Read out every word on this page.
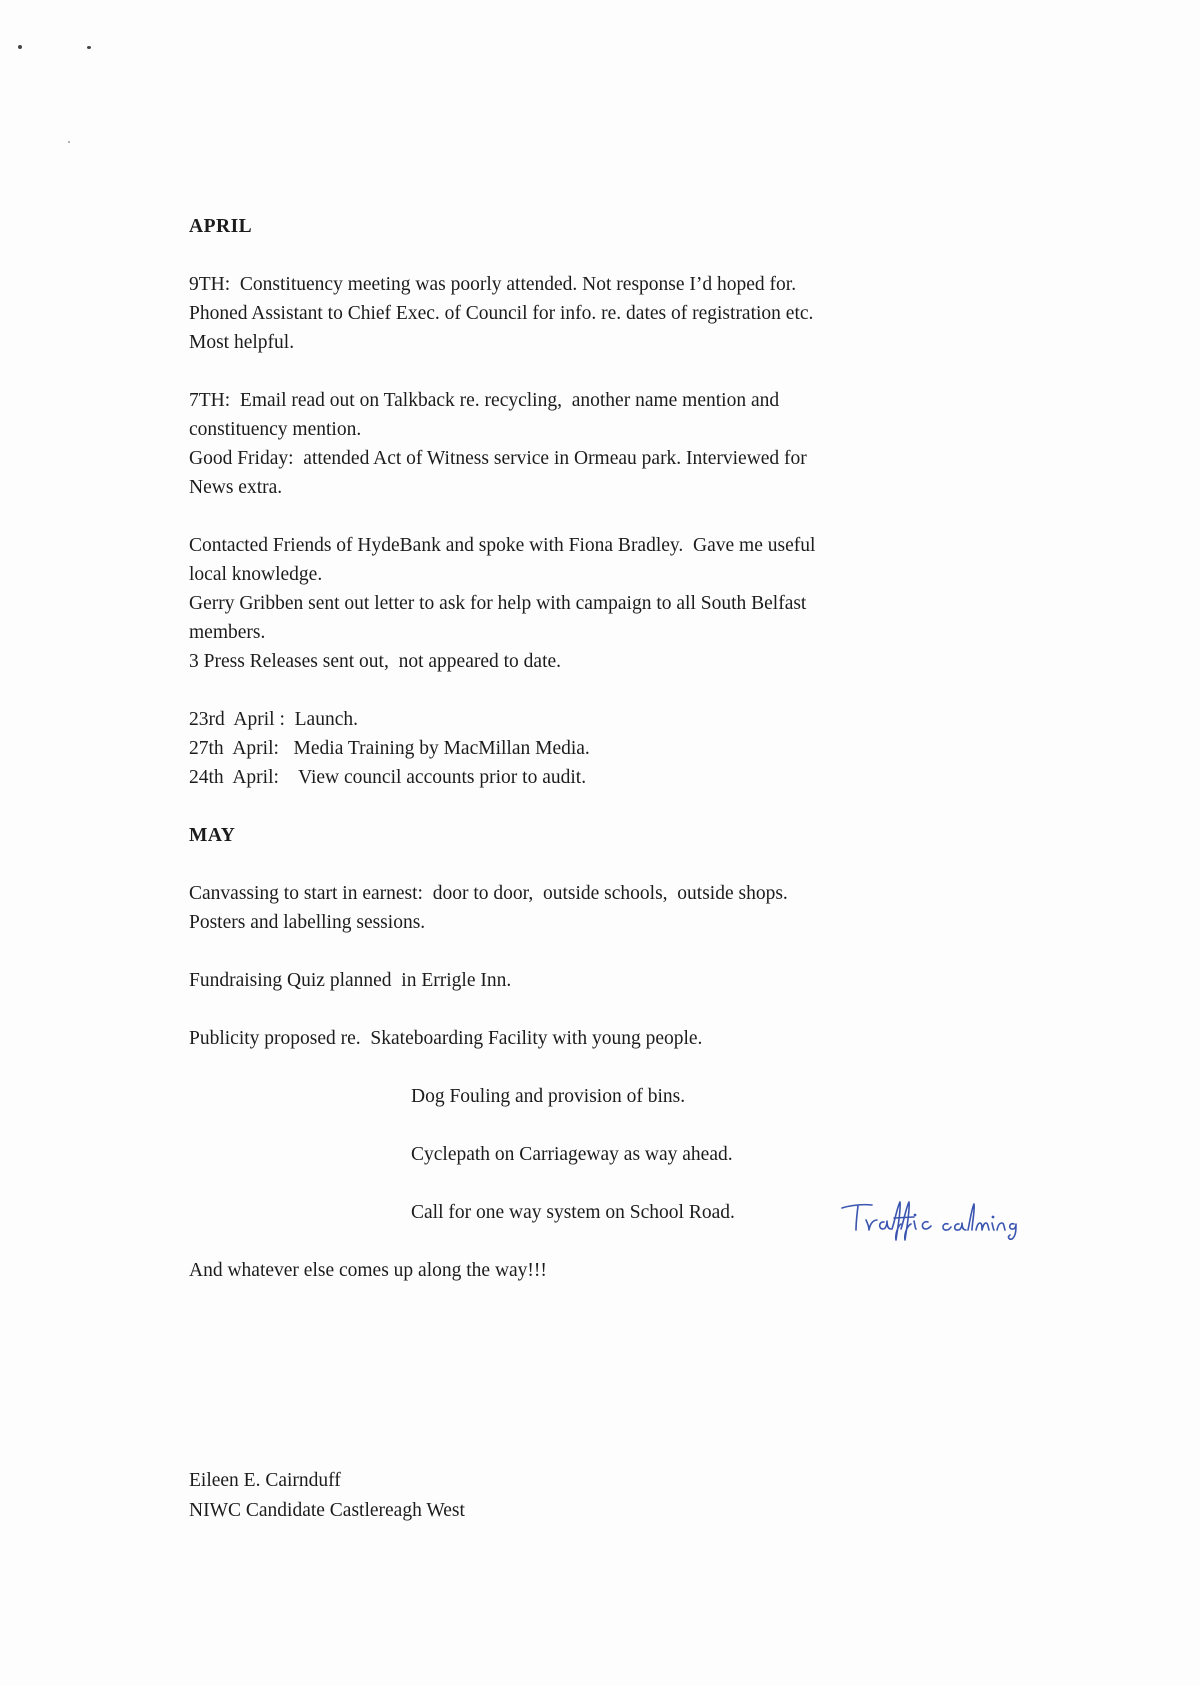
APRIL
9TH:  Constituency meeting was poorly attended. Not response I’d hoped for.
Phoned Assistant to Chief Exec. of Council for info. re. dates of registration etc.
Most helpful.
7TH:  Email read out on Talkback re. recycling,  another name mention and
constituency mention.
Good Friday:  attended Act of Witness service in Ormeau park. Interviewed for
News extra.
Contacted Friends of HydeBank and spoke with Fiona Bradley.  Gave me useful
local knowledge.
Gerry Gribben sent out letter to ask for help with campaign to all South Belfast
members.
3 Press Releases sent out,  not appeared to date.
23rd  April :  Launch.
27th  April:   Media Training by MacMillan Media.
24th  April:    View council accounts prior to audit.
MAY
Canvassing to start in earnest:  door to door,  outside schools,  outside shops.
Posters and labelling sessions.
Fundraising Quiz planned  in Errigle Inn.
Publicity proposed re.  Skateboarding Facility with young people.
Dog Fouling and provision of bins.
Cyclepath on Carriageway as way ahead.
Call for one way system on School Road.
And whatever else comes up along the way!!!
Eileen E. Cairnduff
NIWC Candidate Castlereagh West
